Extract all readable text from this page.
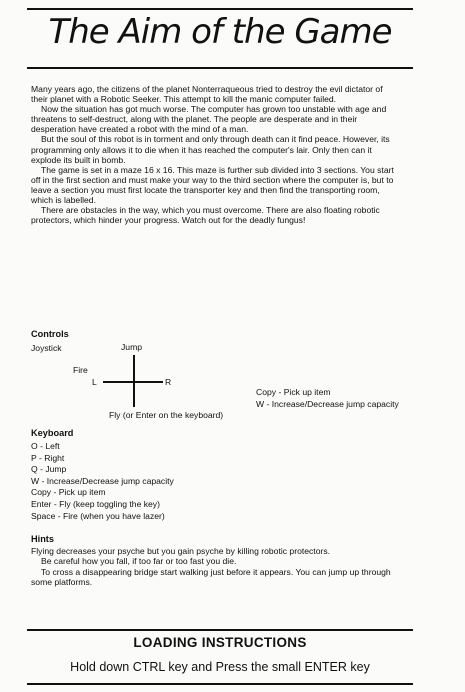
The Aim of the Game

Many years ago, the citizens of the planet Nonterraqueous tried to destroy the evil dictator of their planet with a Robotic Seeker. This attempt to kill the manic computer failed.

Now the situation has got much worse. The computer has grown too unstable with age and threatens to self-destruct, along with the planet. The people are desperate and in their desperation have created a robot with the mind of a man.

But the soul of this robot is in torment and only through death can it find peace. However, its programming only allows it to die when it has reached the computer's lair. Only then can it explode its built in bomb.

The game is set in a maze 16 x 16. This maze is further sub divided into 3 sections. You start off in the first section and must make your way to the third section where the computer is, but to leave a section you must first locate the transporter key and then find the transporting room, which is labelled.

There are obstacles in the way, which you must overcome. There are also floating robotic protectors, which hinder your progress. Watch out for the deadly fungus!

Controls
Joystick	Jump
Fire
L	R
Fly (or Enter on the keyboard)
Copy - Pick up item
W - Increase/Decrease jump capacity
Keyboard
O - Left
P - Right
Q - Jump
W - Increase/Decrease jump capacity
Copy - Pick up item
Enter - Fly (keep toggling the key)
Space - Fire (when you have lazer)
Hints

Flying decreases your psyche but you gain psyche by killing robotic protectors.

Be careful how you fall, if too far or too fast you die.

To cross a disappearing bridge start walking just before it appears. You can jump up through some platforms.

LOADING INSTRUCTIONS
Hold down CTRL key and Press the small ENTER key
